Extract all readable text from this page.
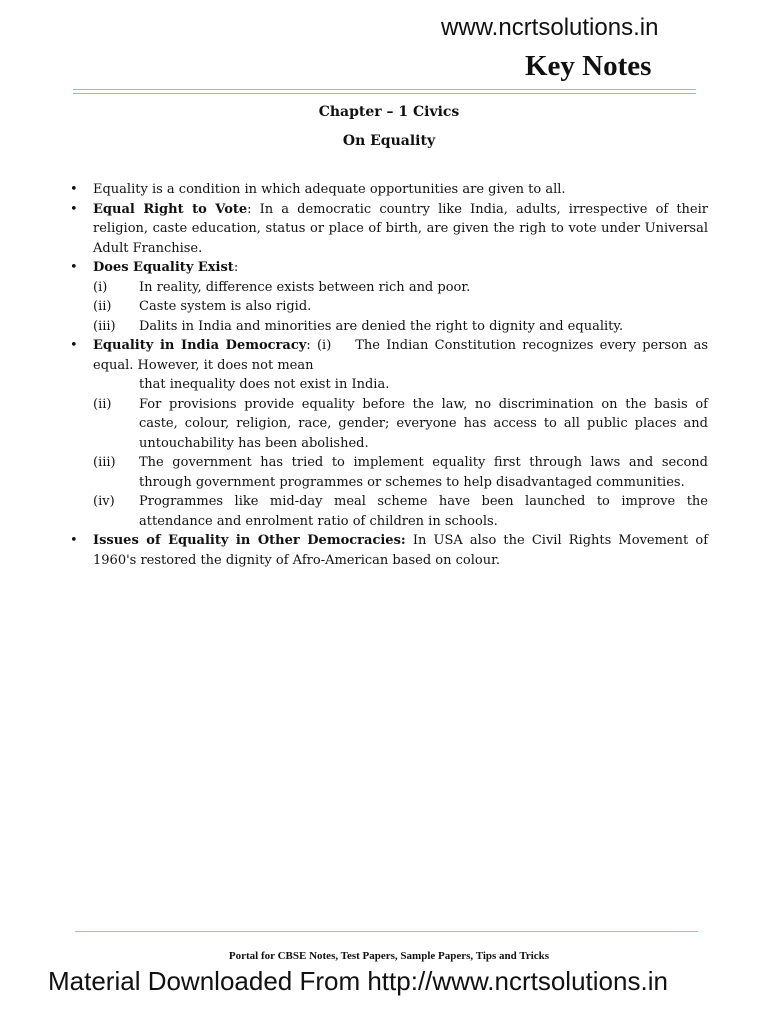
www.ncrtsolutions.in
Key Notes
Chapter – 1 Civics
On Equality
• Equality is a condition in which adequate opportunities are given to all.
• Equal Right to Vote: In a democratic country like India, adults, irrespective of their religion, caste education, status or place of birth, are given the righ to vote under Universal Adult Franchise.
• Does Equality Exist:
(i) In reality, difference exists between rich and poor.
(ii) Caste system is also rigid.
(iii) Dalits in India and minorities are denied the right to dignity and equality.
• Equality in India Democracy: (i) The Indian Constitution recognizes every person as equal. However, it does not mean
that inequality does not exist in India.
(ii) For provisions provide equality before the law, no discrimination on the basis of caste, colour, religion, race, gender; everyone has access to all public places and untouchability has been abolished.
(iii) The government has tried to implement equality first through laws and second through government programmes or schemes to help disadvantaged communities.
(iv) Programmes like mid-day meal scheme have been launched to improve the attendance and enrolment ratio of children in schools.
• Issues of Equality in Other Democracies: In USA also the Civil Rights Movement of 1960's restored the dignity of Afro-American based on colour.
Portal for CBSE Notes, Test Papers, Sample Papers, Tips and Tricks
Material Downloaded From http://www.ncrtsolutions.in
